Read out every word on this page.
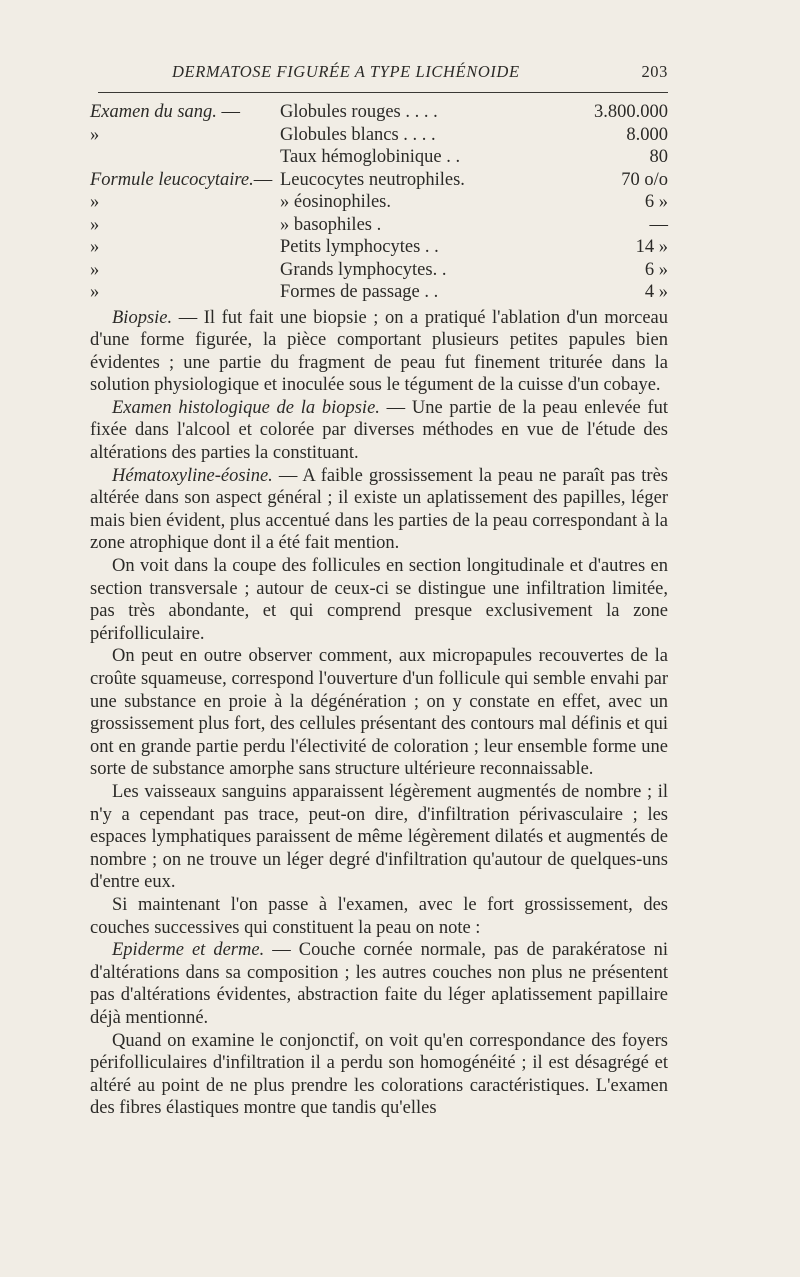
DERMATOSE FIGURÉE A TYPE LICHÉNOIDE	203
Examen du sang. —	Globules rouges . . . .	3.800.000
»	Globules blancs . . . .	8.000
	Taux hémoglobinique . .	80
Formule leucocytaire.—	Leucocytes neutrophiles.	70 o/o
»	» éosinophiles.	6 »
»	» basophiles .	—
»	Petits lymphocytes . .	14 »
»	Grands lymphocytes. .	6 »
»	Formes de passage . .	4 »

Biopsie. — Il fut fait une biopsie ; on a pratiqué l'ablation d'un morceau d'une forme figurée, la pièce comportant plusieurs petites papules bien évidentes ; une partie du fragment de peau fut finement triturée dans la solution physiologique et inoculée sous le tégument de la cuisse d'un cobaye.

Examen histologique de la biopsie. — Une partie de la peau enlevée fut fixée dans l'alcool et colorée par diverses méthodes en vue de l'étude des altérations des parties la constituant.

Hématoxyline-éosine. — A faible grossissement la peau ne paraît pas très altérée dans son aspect général ; il existe un aplatissement des papilles, léger mais bien évident, plus accentué dans les parties de la peau correspondant à la zone atrophique dont il a été fait mention.

On voit dans la coupe des follicules en section longitudinale et d'autres en section transversale ; autour de ceux-ci se distingue une infiltration limitée, pas très abondante, et qui comprend presque exclusivement la zone périfolliculaire.

On peut en outre observer comment, aux micropapules recouvertes de la croûte squameuse, correspond l'ouverture d'un follicule qui semble envahi par une substance en proie à la dégénération ; on y constate en effet, avec un grossissement plus fort, des cellules présentant des contours mal définis et qui ont en grande partie perdu l'électivité de coloration ; leur ensemble forme une sorte de substance amorphe sans structure ultérieure reconnaissable.

Les vaisseaux sanguins apparaissent légèrement augmentés de nombre ; il n'y a cependant pas trace, peut-on dire, d'infiltration périvasculaire ; les espaces lymphatiques paraissent de même légèrement dilatés et augmentés de nombre ; on ne trouve un léger degré d'infiltration qu'autour de quelques-uns d'entre eux.

Si maintenant l'on passe à l'examen, avec le fort grossissement, des couches successives qui constituent la peau on note :

Epiderme et derme. — Couche cornée normale, pas de parakératose ni d'altérations dans sa composition ; les autres couches non plus ne présentent pas d'altérations évidentes, abstraction faite du léger aplatissement papillaire déjà mentionné.

Quand on examine le conjonctif, on voit qu'en correspondance des foyers périfolliculaires d'infiltration il a perdu son homogénéité ; il est désagrégé et altéré au point de ne plus prendre les colorations caractéristiques. L'examen des fibres élastiques montre que tandis qu'elles
